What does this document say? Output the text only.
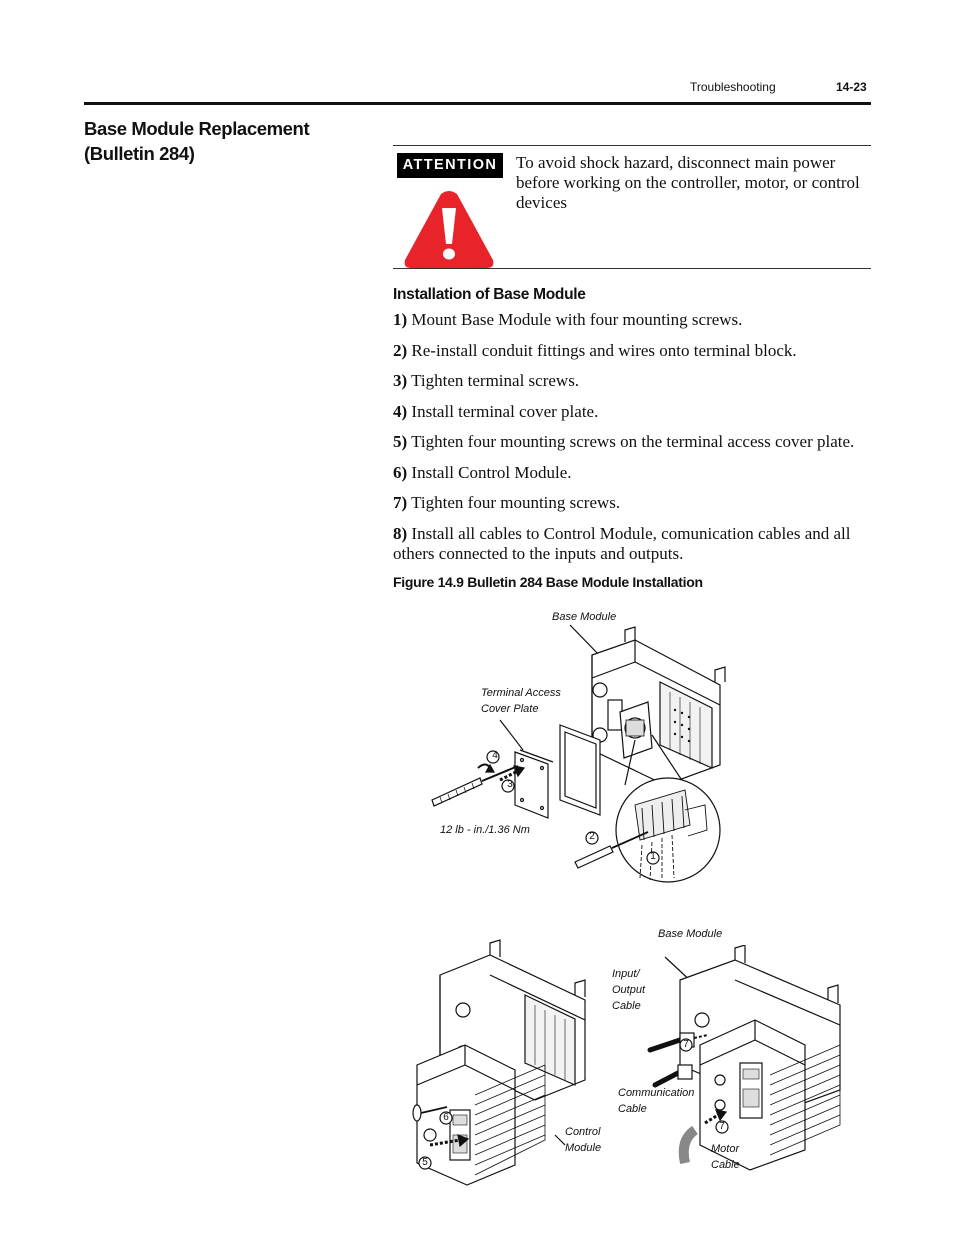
Troubleshooting	14-23
Base Module Replacement
(Bulletin 284)
ATTENTION	To avoid shock hazard, disconnect main power before working on the controller, motor, or control devices
Installation of Base Module
1) Mount Base Module with four mounting screws.
2) Re-install conduit fittings and wires onto terminal block.
3) Tighten terminal screws.
4) Install terminal cover plate.
5) Tighten four mounting screws on the terminal access cover plate.
6) Install Control Module.
7) Tighten four mounting screws.
8) Install all cables to Control Module, comunication cables and all others connected to the inputs and outputs.
Figure 14.9 Bulletin 284 Base Module Installation
Base Module
Terminal Access
Cover Plate
12 lb - in./1.36 Nm
4
3
2
1
6
5
Control
Module
Base Module
Input/
Output
Cable
Communication
Cable
Motor
Cable
7
7
